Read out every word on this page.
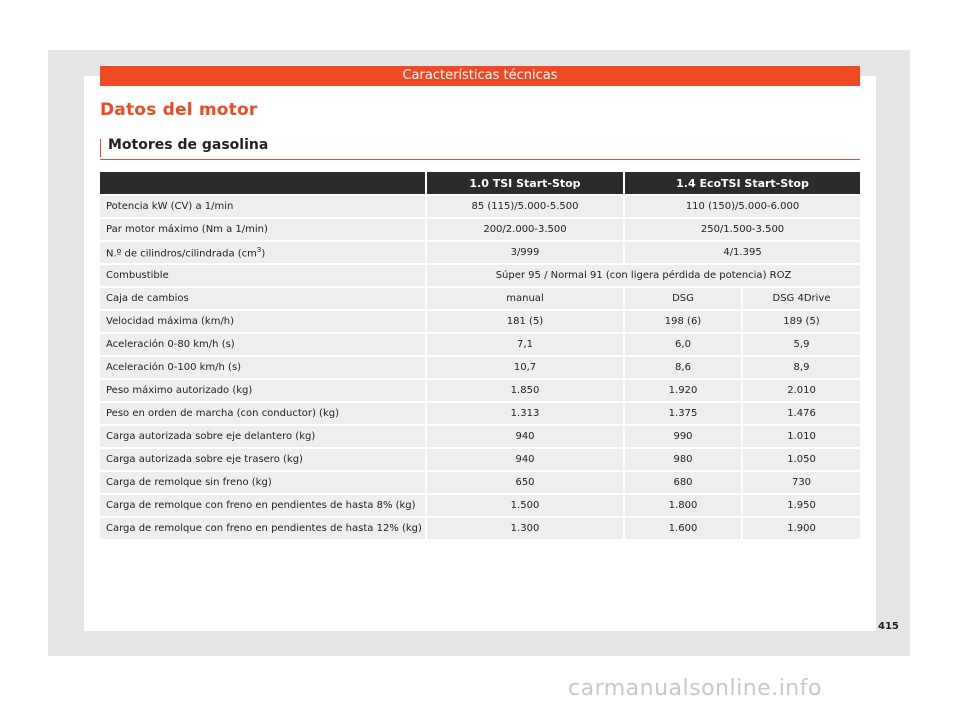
Características técnicas
Datos del motor
Motores de gasolina
	1.0 TSI Start-Stop	1.4 EcoTSI Start-Stop	
Potencia kW (CV) a 1/min	85 (115)/5.000-5.500	110 (150)/5.000-6.000	
Par motor máximo (Nm a 1/min)	200/2.000-3.500	250/1.500-3.500	
N.º de cilindros/cilindrada $(cm^3)$	3/999	4/1.395	
Combustible	Súper 95 / Normal 91 (con ligera pérdida de potencia) ROZ		
Caja de cambios	manual	DSG	DSG 4Drive
Velocidad máxima (km/h)	181 (5)	198 (6)	189 (5)
Aceleración 0-80 km/h (s)	7,1	6,0	5,9
Aceleración 0-100 km/h (s)	10,7	8,6	8,9
Peso máximo autorizado (kg)	1.850	1.920	2.010
Peso en orden de marcha (con conductor) (kg)	1.313	1.375	1.476
Carga autorizada sobre eje delantero (kg)	940	990	1.010
Carga autorizada sobre eje trasero (kg)	940	980	1.050
Carga de remolque sin freno (kg)	650	680	730
Carga de remolque con freno en pendientes de hasta 8% (kg)	1.500	1.800	1.950
Carga de remolque con freno en pendientes de hasta 12% (kg)	1.300	1.600	1.900
415
carmanualsonline.info
